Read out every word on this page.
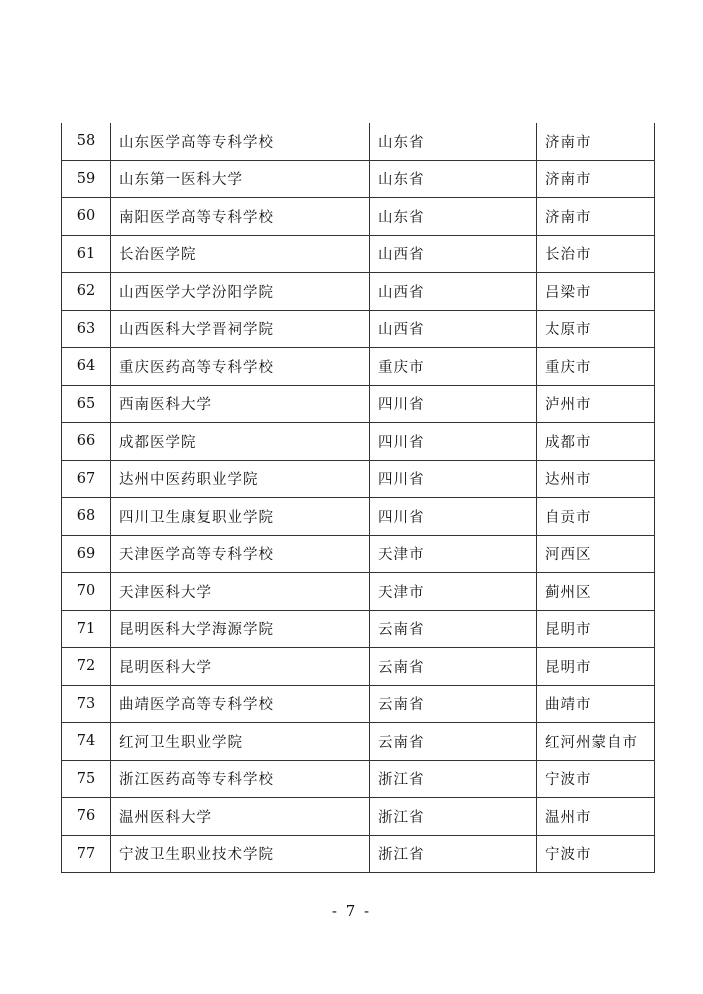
58	山东医学高等专科学校	山东省	济南市
59	山东第一医科大学	山东省	济南市
60	南阳医学高等专科学校	山东省	济南市
61	长治医学院	山西省	长治市
62	山西医学大学汾阳学院	山西省	吕梁市
63	山西医科大学晋祠学院	山西省	太原市
64	重庆医药高等专科学校	重庆市	重庆市
65	西南医科大学	四川省	泸州市
66	成都医学院	四川省	成都市
67	达州中医药职业学院	四川省	达州市
68	四川卫生康复职业学院	四川省	自贡市
69	天津医学高等专科学校	天津市	河西区
70	天津医科大学	天津市	蓟州区
71	昆明医科大学海源学院	云南省	昆明市
72	昆明医科大学	云南省	昆明市
73	曲靖医学高等专科学校	云南省	曲靖市
74	红河卫生职业学院	云南省	红河州蒙自市
75	浙江医药高等专科学校	浙江省	宁波市
76	温州医科大学	浙江省	温州市
77	宁波卫生职业技术学院	浙江省	宁波市
- 7 -
